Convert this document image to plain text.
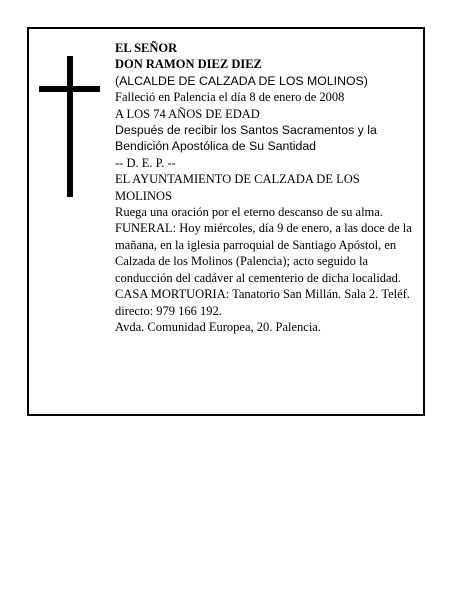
EL SEÑOR
DON RAMON DIEZ DIEZ
(ALCALDE DE CALZADA DE LOS MOLINOS)
Falleció en Palencia el día 8 de enero de 2008
A LOS 74 AÑOS DE EDAD
Después de recibir los Santos Sacramentos y la Bendición Apostólica de Su Santidad
-- D. E. P. --
EL AYUNTAMIENTO DE CALZADA DE LOS MOLINOS
Ruega una oración por el eterno descanso de su alma.
FUNERAL: Hoy miércoles, día 9 de enero, a las doce de la mañana, en la iglesia parroquial de Santiago Apóstol, en Calzada de los Molinos (Palencia); acto seguido la conducción del cadáver al cementerio de dicha localidad.
CASA MORTUORIA: Tanatorio San Millán. Sala 2. Teléf. directo: 979 166 192.
Avda. Comunidad Europea, 20. Palencia.
